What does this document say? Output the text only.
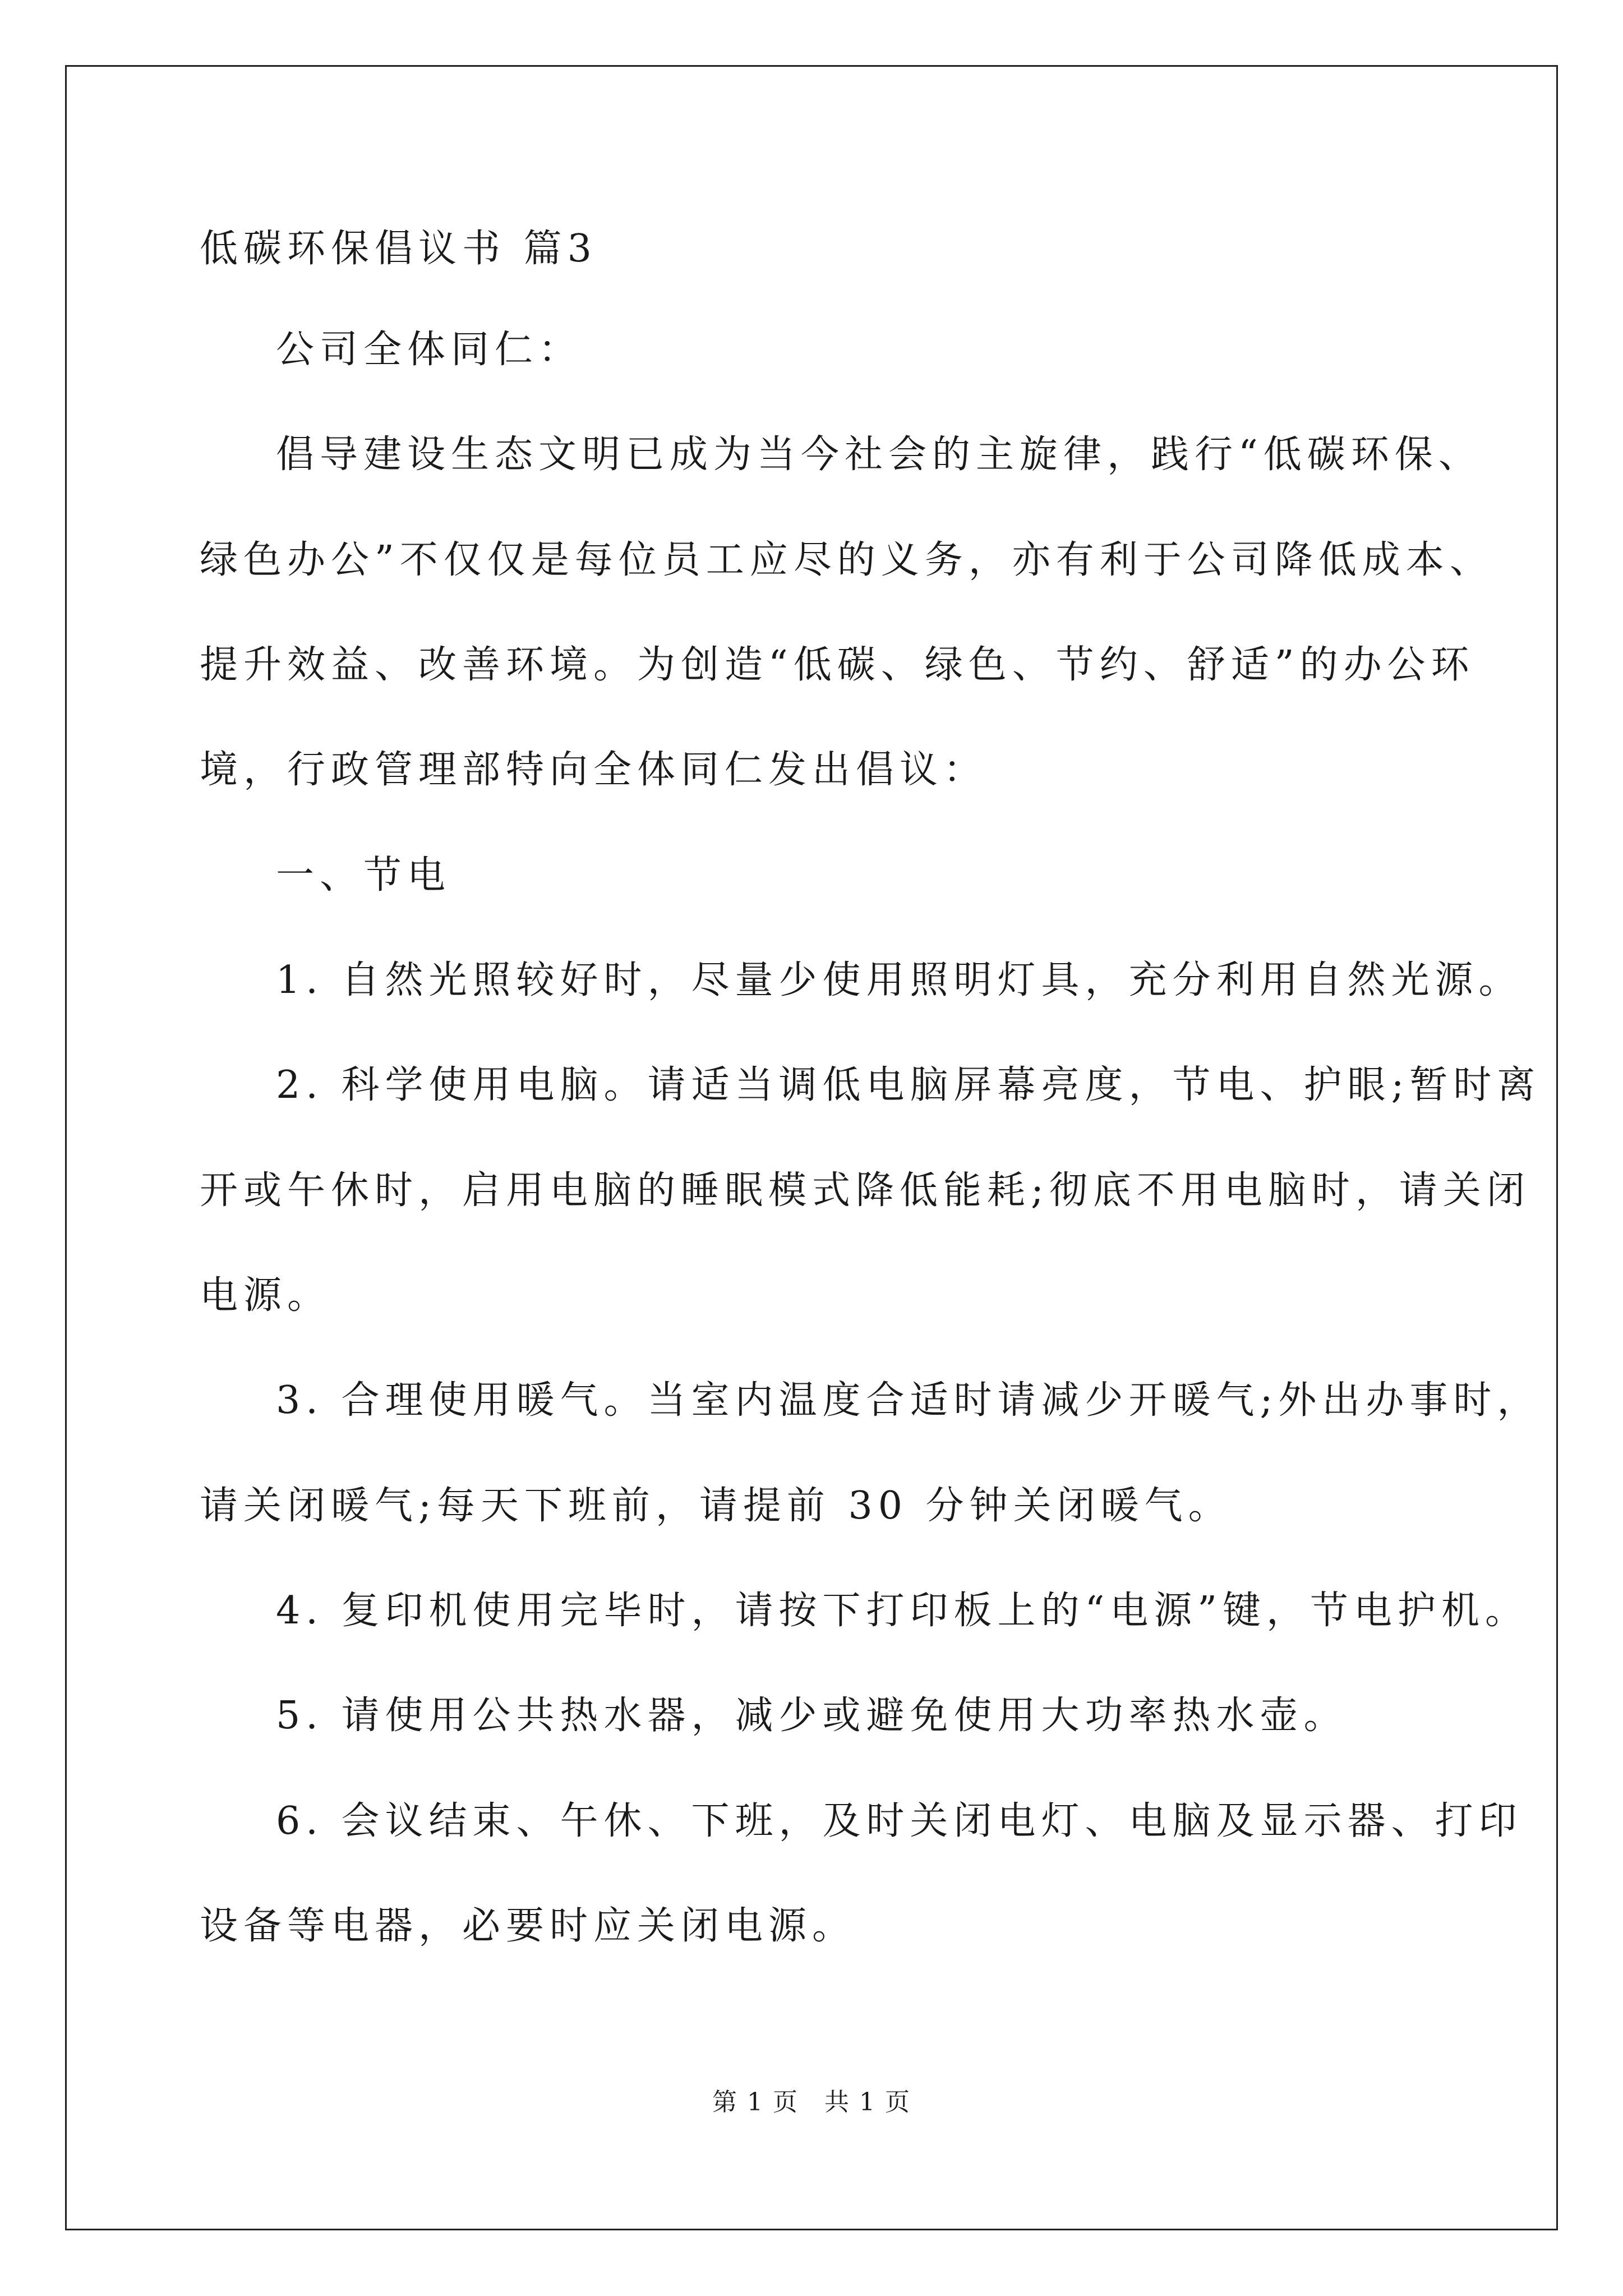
低碳环保倡议书 篇3
公司全体同仁：
倡导建设生态文明已成为当今社会的主旋律，践行“低碳环保、
绿色办公”不仅仅是每位员工应尽的义务，亦有利于公司降低成本、
提升效益、改善环境。为创造“低碳、绿色、节约、舒适”的办公环
境，行政管理部特向全体同仁发出倡议：
一、节电
1. 自然光照较好时，尽量少使用照明灯具，充分利用自然光源。
2. 科学使用电脑。请适当调低电脑屏幕亮度，节电、护眼;暂时离
开或午休时，启用电脑的睡眠模式降低能耗;彻底不用电脑时，请关闭
电源。
3. 合理使用暖气。当室内温度合适时请减少开暖气;外出办事时，
请关闭暖气;每天下班前，请提前 30 分钟关闭暖气。
4. 复印机使用完毕时，请按下打印板上的“电源”键，节电护机。
5. 请使用公共热水器，减少或避免使用大功率热水壶。
6. 会议结束、午休、下班，及时关闭电灯、电脑及显示器、打印
设备等电器，必要时应关闭电源。
第 1 页　共 1 页
